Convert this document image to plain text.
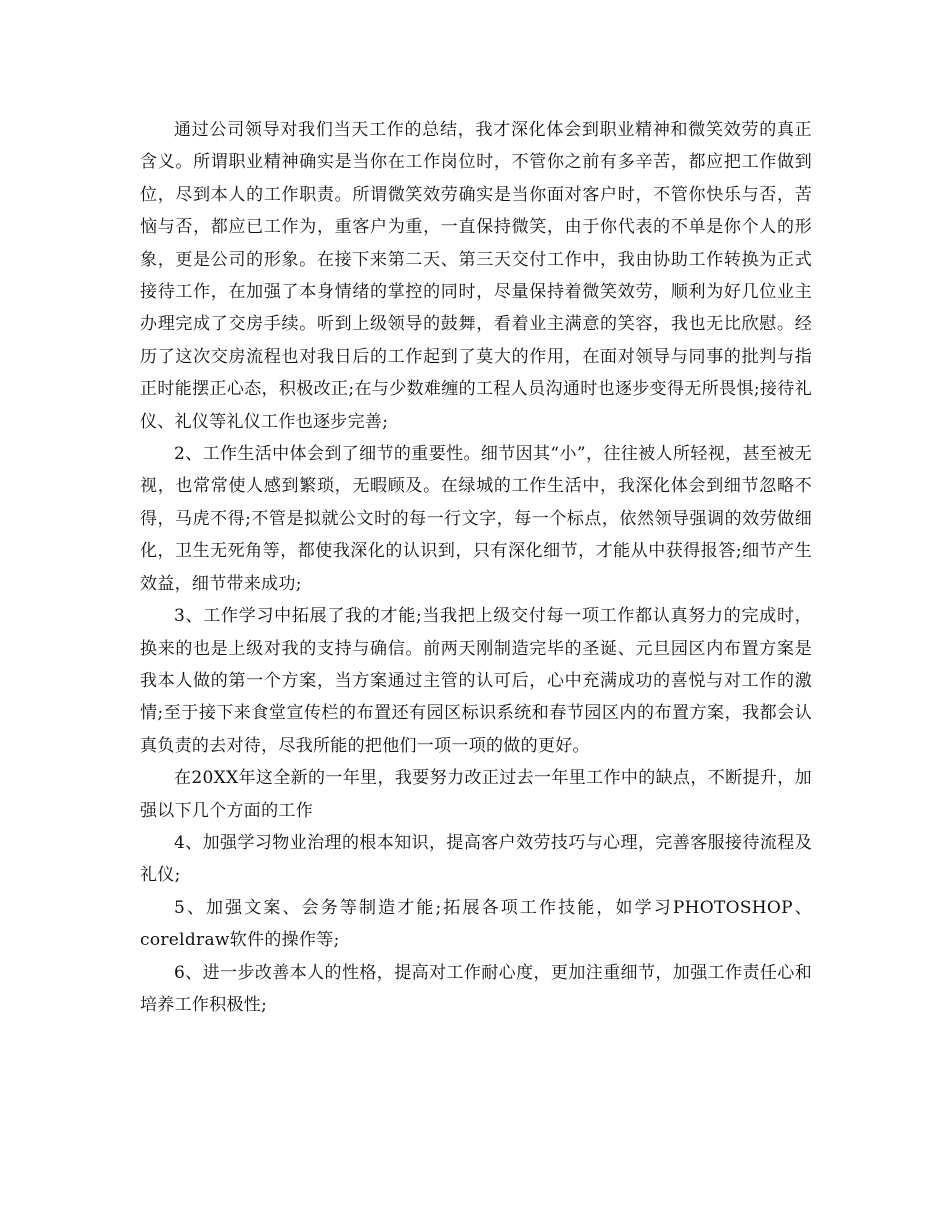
通过公司领导对我们当天工作的总结，我才深化体会到职业精神和微笑效劳的真正含义。所谓职业精神确实是当你在工作岗位时，不管你之前有多辛苦，都应把工作做到位，尽到本人的工作职责。所谓微笑效劳确实是当你面对客户时，不管你快乐与否，苦恼与否，都应已工作为，重客户为重，一直保持微笑，由于你代表的不单是你个人的形象，更是公司的形象。在接下来第二天、第三天交付工作中，我由协助工作转换为正式接待工作，在加强了本身情绪的掌控的同时，尽量保持着微笑效劳，顺利为好几位业主办理完成了交房手续。听到上级领导的鼓舞，看着业主满意的笑容，我也无比欣慰。经历了这次交房流程也对我日后的工作起到了莫大的作用，在面对领导与同事的批判与指正时能摆正心态，积极改正;在与少数难缠的工程人员沟通时也逐步变得无所畏惧;接待礼仪、礼仪等礼仪工作也逐步完善;

2、工作生活中体会到了细节的重要性。细节因其“小”，往往被人所轻视，甚至被无视，也常常使人感到繁琐，无暇顾及。在绿城的工作生活中，我深化体会到细节忽略不得，马虎不得;不管是拟就公文时的每一行文字，每一个标点，依然领导强调的效劳做细化，卫生无死角等，都使我深化的认识到，只有深化细节，才能从中获得报答;细节产生效益，细节带来成功;

3、工作学习中拓展了我的才能;当我把上级交付每一项工作都认真努力的完成时，换来的也是上级对我的支持与确信。前两天刚制造完毕的圣诞、元旦园区内布置方案是我本人做的第一个方案，当方案通过主管的认可后，心中充满成功的喜悦与对工作的激情;至于接下来食堂宣传栏的布置还有园区标识系统和春节园区内的布置方案，我都会认真负责的去对待，尽我所能的把他们一项一项的做的更好。

在20XX年这全新的一年里，我要努力改正过去一年里工作中的缺点，不断提升，加强以下几个方面的工作

4、加强学习物业治理的根本知识，提高客户效劳技巧与心理，完善客服接待流程及礼仪;

5、加强文案、会务等制造才能;拓展各项工作技能，如学习PHOTOSHOP、coreldraw软件的操作等;

6、进一步改善本人的性格，提高对工作耐心度，更加注重细节，加强工作责任心和培养工作积极性;
